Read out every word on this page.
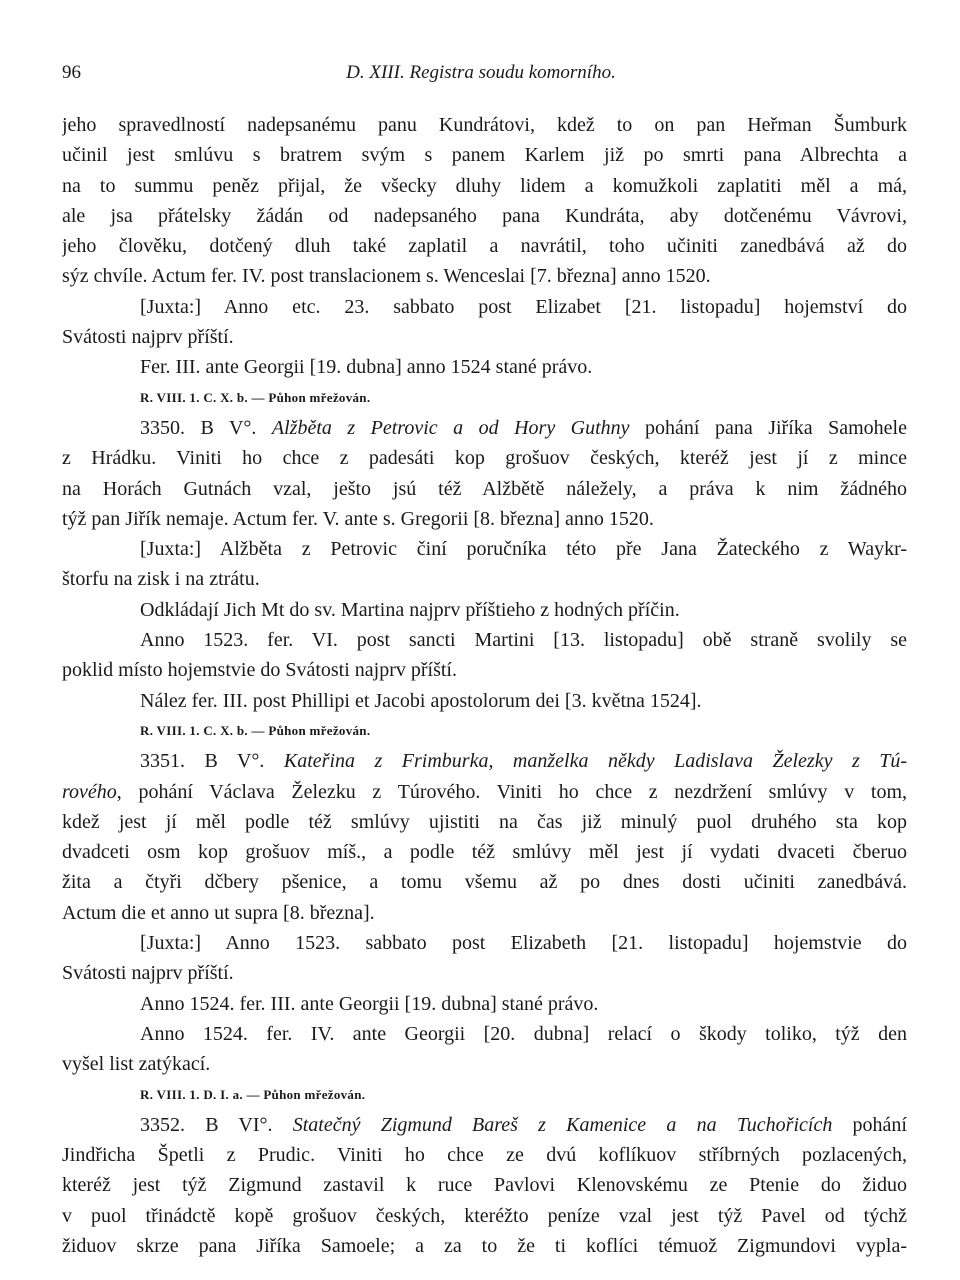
96	D. XIII. Registra soudu komorního.
jeho spravedlností nadepsanému panu Kundrátovi, kdež to on pan Heřman Šumburk
učinil jest smlúvu s bratrem svým s panem Karlem již po smrti pana Albrechta a
na to summu peněz přijal, že všecky dluhy lidem a komužkoli zaplatiti měl a má,
ale jsa přátelsky žádán od nadepsaného pana Kundráta, aby dotčenému Vávrovi,
jeho člověku, dotčený dluh také zaplatil a navrátil, toho učiniti zanedbává až do
sýz chvíle. Actum fer. IV. post translacionem s. Wenceslai [7. března] anno 1520.
[Juxta:] Anno etc. 23. sabbato post Elizabet [21. listopadu] hojemství do
Svátosti najprv příští.
Fer. III. ante Georgii [19. dubna] anno 1524 stané právo.
R. VIII. 1. C. X. b. — Půhon mřežován.
3350. B V°. Alžběta z Petrovic a od Hory Guthny pohání pana Jiříka Samohele
z Hrádku. Viniti ho chce z padesáti kop grošuov českých, kteréž jest jí z mince
na Horách Gutnách vzal, ješto jsú též Alžbětě náležely, a práva k nim žádného
týž pan Jiřík nemaje. Actum fer. V. ante s. Gregorii [8. března] anno 1520.
[Juxta:] Alžběta z Petrovic činí poručníka této pře Jana Žateckého z Waykr-
štorfu na zisk i na ztrátu.
Odkládají Jich Mt do sv. Martina najprv příštieho z hodných příčin.
Anno 1523. fer. VI. post sancti Martini [13. listopadu] obě straně svolily se
poklid místo hojemstvie do Svátosti najprv příští.
Nález fer. III. post Phillipi et Jacobi apostolorum dei [3. května 1524].
R. VIII. 1. C. X. b. — Půhon mřežován.
3351. B V°. Kateřina z Frimburka, manželka někdy Ladislava Železky z Tú-
rového, pohání Václava Železku z Túrového. Viniti ho chce z nezdržení smlúvy v tom,
kdež jest jí měl podle též smlúvy ujistiti na čas již minulý puol druhého sta kop
dvadceti osm kop grošuov míš., a podle též smlúvy měl jest jí vydati dvaceti čberuo
žita a čtyři dčbery pšenice, a tomu všemu až po dnes dosti učiniti zanedbává.
Actum die et anno ut supra [8. března].
[Juxta:] Anno 1523. sabbato post Elizabeth [21. listopadu] hojemstvie do
Svátosti najprv příští.
Anno 1524. fer. III. ante Georgii [19. dubna] stané právo.
Anno 1524. fer. IV. ante Georgii [20. dubna] relací o škody toliko, týž den
vyšel list zatýkací.
R. VIII. 1. D. I. a. — Půhon mřežován.
3352. B VI°. Statečný Zigmund Bareš z Kamenice a na Tuchořicích pohání
Jindřicha Špetli z Prudic. Viniti ho chce ze dvú koflíkuov stříbrných pozlacených,
kteréž jest týž Zigmund zastavil k ruce Pavlovi Klenovskému ze Ptenie do židuo
v puol třinádctě kopě grošuov českých, kteréžto peníze vzal jest týž Pavel od týchž
židuov skrze pana Jiříka Samoele; a za to že ti koflíci témuož Zigmundovi vypla-
